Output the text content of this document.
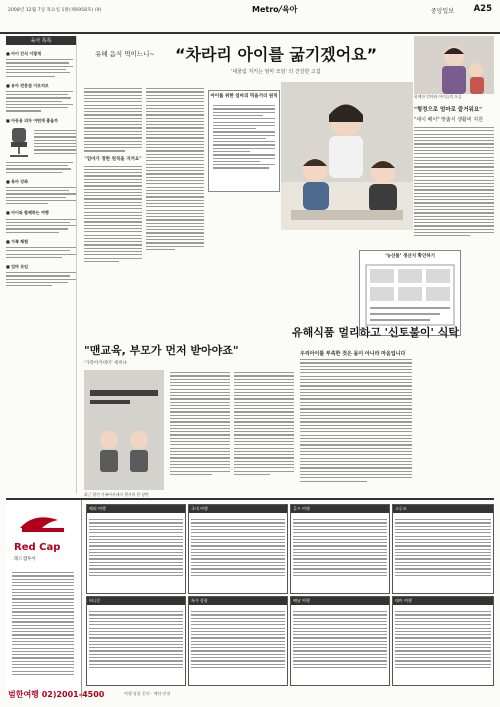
2008년 12월 7일 목요일 1판(제6958호) (9)	Metro/육아	중앙일보 A25
육아 톡톡
■ 아이 간식 이렇게
■ 유아 전문점 이모저모
■ 아동용 의자 어떤게 좋을까
■ 육아 강좌
■ 아이와 함께하는 여행
■ 가족 체험
■ 엄마 모임
유해 음식 먹이느니~ “차라리 아이를 굶기겠어요”
'대물림 지키는 엄마 모임' 의 건강한 고집
"엄마가 정한 원칙을 지켜요"
아이를 위한 엄마의 먹을거리 원칙	함께한 엄마와 아이들의 모습
"형정으로 엄마로 즐거워요"
"세이 베이" 맞춤식 생활비 지원
‘농산물’ 생산지 확인하기
유해식품 멀리하고 '신토불이' 식탁
"맨교육, 부모가 먼저 받아야죠"
'가족아카데미' 세미나
최근 열린 가족아카데미 행사의 한 장면
우리아이를 부족한 것은 몸이 아니라 마음입니다
Red Cap
레드캡투어
해외 여행	국내 여행	골프 여행	크루즈
허니문	특가 상품	배낭 여행	테마 여행
범한여행 02)2001-4500	여행 상품 문의 · 예약 안내
